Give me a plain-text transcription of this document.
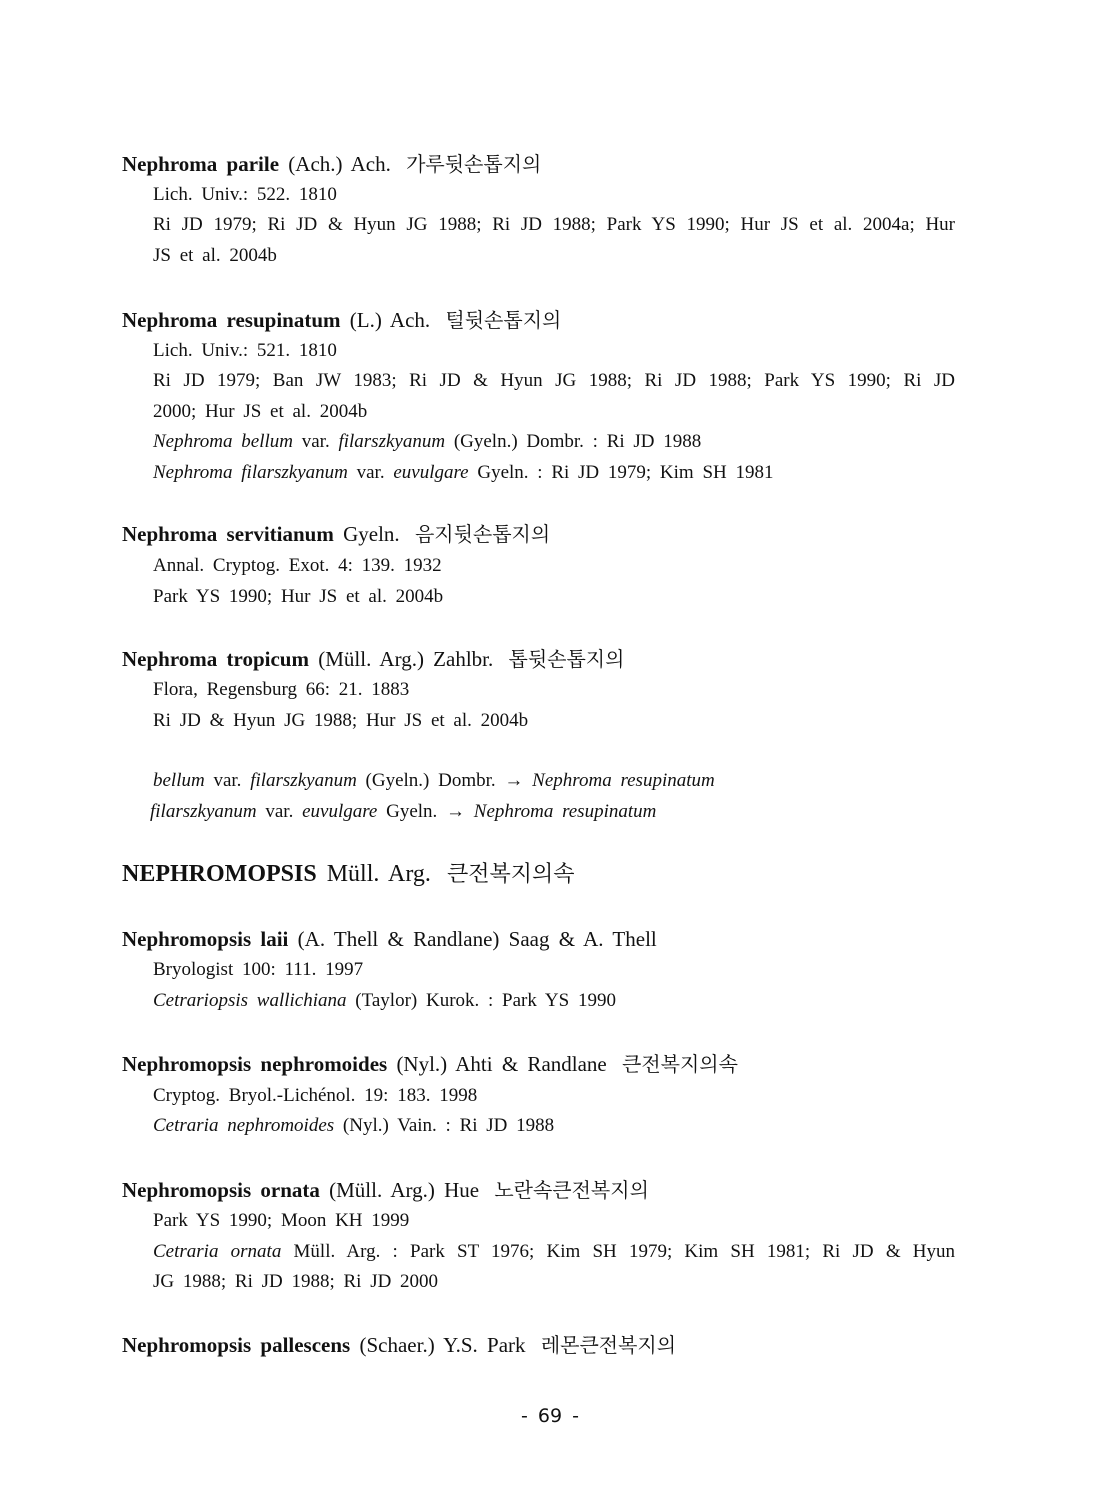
Nephroma parile (Ach.) Ach. 가루뒷손톱지의
Lich. Univ.: 522. 1810
Ri JD 1979; Ri JD & Hyun JG 1988; Ri JD 1988; Park YS 1990; Hur JS et al. 2004a; Hur
JS et al. 2004b
Nephroma resupinatum (L.) Ach. 털뒷손톱지의
Lich. Univ.: 521. 1810
Ri JD 1979; Ban JW 1983; Ri JD & Hyun JG 1988; Ri JD 1988; Park YS 1990; Ri JD
2000; Hur JS et al. 2004b
Nephroma bellum var. filarszkyanum (Gyeln.) Dombr. : Ri JD 1988
Nephroma filarszkyanum var. euvulgare Gyeln. : Ri JD 1979; Kim SH 1981
Nephroma servitianum Gyeln. 음지뒷손톱지의
Annal. Cryptog. Exot. 4: 139. 1932
Park YS 1990; Hur JS et al. 2004b
Nephroma tropicum (Müll. Arg.) Zahlbr. 톱뒷손톱지의
Flora, Regensburg 66: 21. 1883
Ri JD & Hyun JG 1988; Hur JS et al. 2004b
bellum var. filarszkyanum (Gyeln.) Dombr. → Nephroma resupinatum
filarszkyanum var. euvulgare Gyeln. → Nephroma resupinatum
NEPHROMOPSIS Müll. Arg. 큰전복지의속
Nephromopsis laii (A. Thell & Randlane) Saag & A. Thell
Bryologist 100: 111. 1997
Cetrariopsis wallichiana (Taylor) Kurok. : Park YS 1990
Nephromopsis nephromoides (Nyl.) Ahti & Randlane 큰전복지의속
Cryptog. Bryol.-Lichénol. 19: 183. 1998
Cetraria nephromoides (Nyl.) Vain. : Ri JD 1988
Nephromopsis ornata (Müll. Arg.) Hue 노란속큰전복지의
Park YS 1990; Moon KH 1999
Cetraria ornata Müll. Arg. : Park ST 1976; Kim SH 1979; Kim SH 1981; Ri JD & Hyun
JG 1988; Ri JD 1988; Ri JD 2000
Nephromopsis pallescens (Schaer.) Y.S. Park 레몬큰전복지의
- 69 -
